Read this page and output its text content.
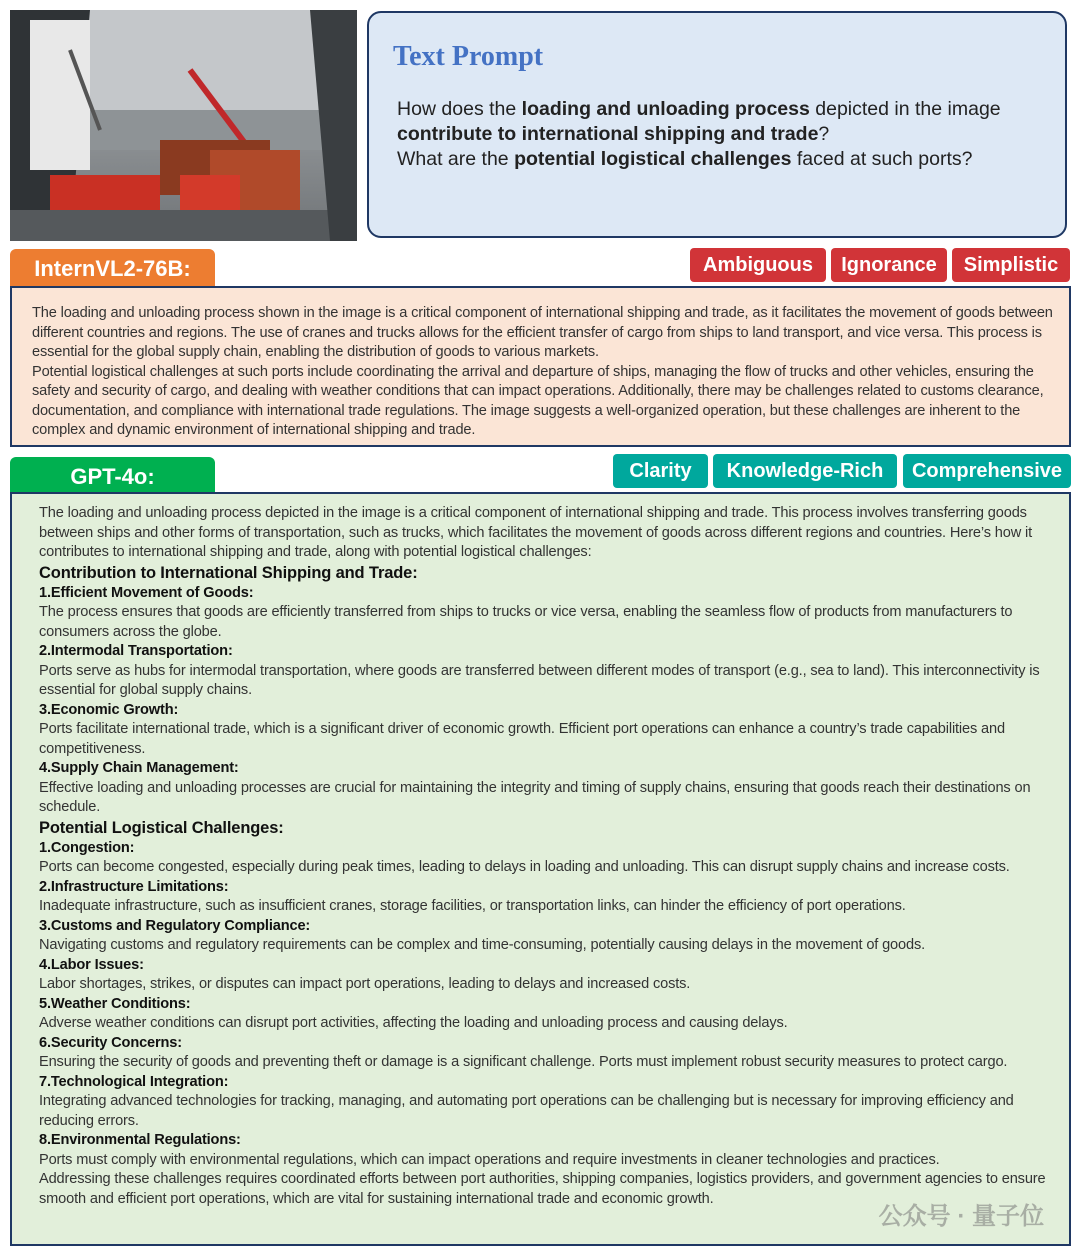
Text Prompt
How does the loading and unloading process depicted in the image
contribute to international shipping and trade?
What are the potential logistical challenges faced at such ports?
InternVL2-76B:	Ambiguous	Ignorance	Simplistic

The loading and unloading process shown in the image is a critical component of international shipping and trade, as it facilitates the movement of goods between different countries and regions. The use of cranes and trucks allows for the efficient transfer of cargo from ships to land transport, and vice versa. This process is essential for the global supply chain, enabling the distribution of goods to various markets.

Potential logistical challenges at such ports include coordinating the arrival and departure of ships, managing the flow of trucks and other vehicles, ensuring the safety and security of cargo, and dealing with weather conditions that can impact operations. Additionally, there may be challenges related to customs clearance, documentation, and compliance with international trade regulations. The image suggests a well-organized operation, but these challenges are inherent to the complex and dynamic environment of international shipping and trade.

GPT-4o:	Clarity	Knowledge-Rich	Comprehensive
The loading and unloading process depicted in the image is a critical component of international shipping and trade. This process involves transferring goods between ships and other forms of transportation, such as trucks, which facilitates the movement of goods across different regions and countries. Here’s how it contributes to international shipping and trade, along with potential logistical challenges:
Contribution to International Shipping and Trade:
1.Efficient Movement of Goods:
The process ensures that goods are efficiently transferred from ships to trucks or vice versa, enabling the seamless flow of products from manufacturers to consumers across the globe.
2.Intermodal Transportation:
Ports serve as hubs for intermodal transportation, where goods are transferred between different modes of transport (e.g., sea to land). This interconnectivity is essential for global supply chains.
3.Economic Growth:
Ports facilitate international trade, which is a significant driver of economic growth. Efficient port operations can enhance a country’s trade capabilities and competitiveness.
4.Supply Chain Management:
Effective loading and unloading processes are crucial for maintaining the integrity and timing of supply chains, ensuring that goods reach their destinations on schedule.
Potential Logistical Challenges:
1.Congestion:
Ports can become congested, especially during peak times, leading to delays in loading and unloading. This can disrupt supply chains and increase costs.
2.Infrastructure Limitations:
Inadequate infrastructure, such as insufficient cranes, storage facilities, or transportation links, can hinder the efficiency of port operations.
3.Customs and Regulatory Compliance:
Navigating customs and regulatory requirements can be complex and time-consuming, potentially causing delays in the movement of goods.
4.Labor Issues:
Labor shortages, strikes, or disputes can impact port operations, leading to delays and increased costs.
5.Weather Conditions:
Adverse weather conditions can disrupt port activities, affecting the loading and unloading process and causing delays.
6.Security Concerns:
Ensuring the security of goods and preventing theft or damage is a significant challenge. Ports must implement robust security measures to protect cargo.
7.Technological Integration:
Integrating advanced technologies for tracking, managing, and automating port operations can be challenging but is necessary for improving efficiency and reducing errors.
8.Environmental Regulations:
Ports must comply with environmental regulations, which can impact operations and require investments in cleaner technologies and practices.
Addressing these challenges requires coordinated efforts between port authorities, shipping companies, logistics providers, and government agencies to ensure smooth and efficient port operations, which are vital for sustaining international trade and economic growth.
公众号 · 量子位
